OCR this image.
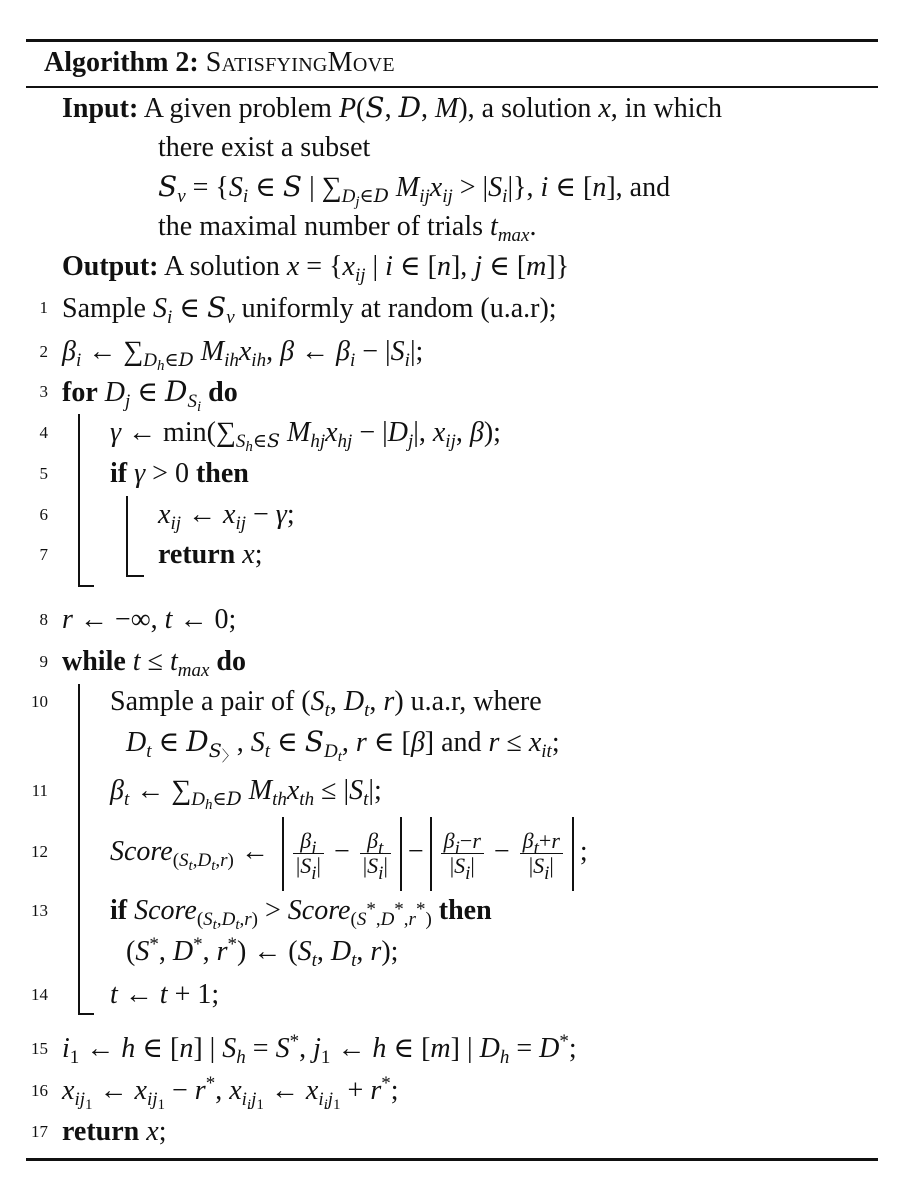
Algorithm 2: SatisfyingMove
Input: A given problem P(S, D, M), a solution x, in which
there exist a subset
$S_v = \{S_i$ ∈ S | $\sum_{D_j\in D}$ $M_{ij}x_{ij} > |S_i|$}, i ∈ [n], and
the maximal number of trials $t_{max}$.
Output: A solution $x = \{x_{ij}$ | i ∈ [n], j ∈ [m]}
1 Sample $S_i$ ∈ $S_v$ uniformly at random (u.a.r);
2 $\beta_i$ ← $\sum_{D_h\in D}$ $M_{ih}x_{ih}$, β ← $\beta_i - |S_i|$;
3 for $D_j$ ∈ $D_{S_i}$ do
4 γ ← $\min(\sum_{S_h\in S}$ $M_{hj}x_{hj} - |D_j|$, $x_{ij}$, β);
5 if γ > 0 then
6	$x_{ij}$ ← $x_{ij} - \gamma$;
7	return x;
8 r ← −∞, t ← 0;
9 while $t \le t_{max}$ do
10 Sample a pair of ($S_t$, $D_t$, r) u.a.r, where
$D_t$ ∈ $D_{S_〉}$, $S_t$ ∈ $S_{D_t}$, r ∈ [β] and $r \le x_{it}$;
11 $\beta_t$ ← $\sum_{D_h\in D}$ $M_{th}x_{th} \le |S_t|$;
12 Score$_{(S_t,D_t,r)}$ ← $\frac{\beta_i}{|S_i|} - \frac{\beta_t}{|S_i|} - \frac{\beta_i-r}{|S_i|} - \frac{\beta_t+r}{|S_i|}$ ;
13 if Score$_{(S_t,D_t,r)}$ > Score$_{(S^*,D^*,r^*)}$ then
(S*, D*, r*) ← ($S_t$, $D_t$, r);
14 t ← t + 1;
15 $i_1$ ← h ∈ [n] | $S_h = S^*$, $j_1$ ← h ∈ [m] | $D_h = D^*$;
16 $x_{ij_1}$ ← $x_{ij_1} - r^*$, $x_{i_ij_1}$ ← $x_{i_ij_1} + r^*$;
17 return x;
